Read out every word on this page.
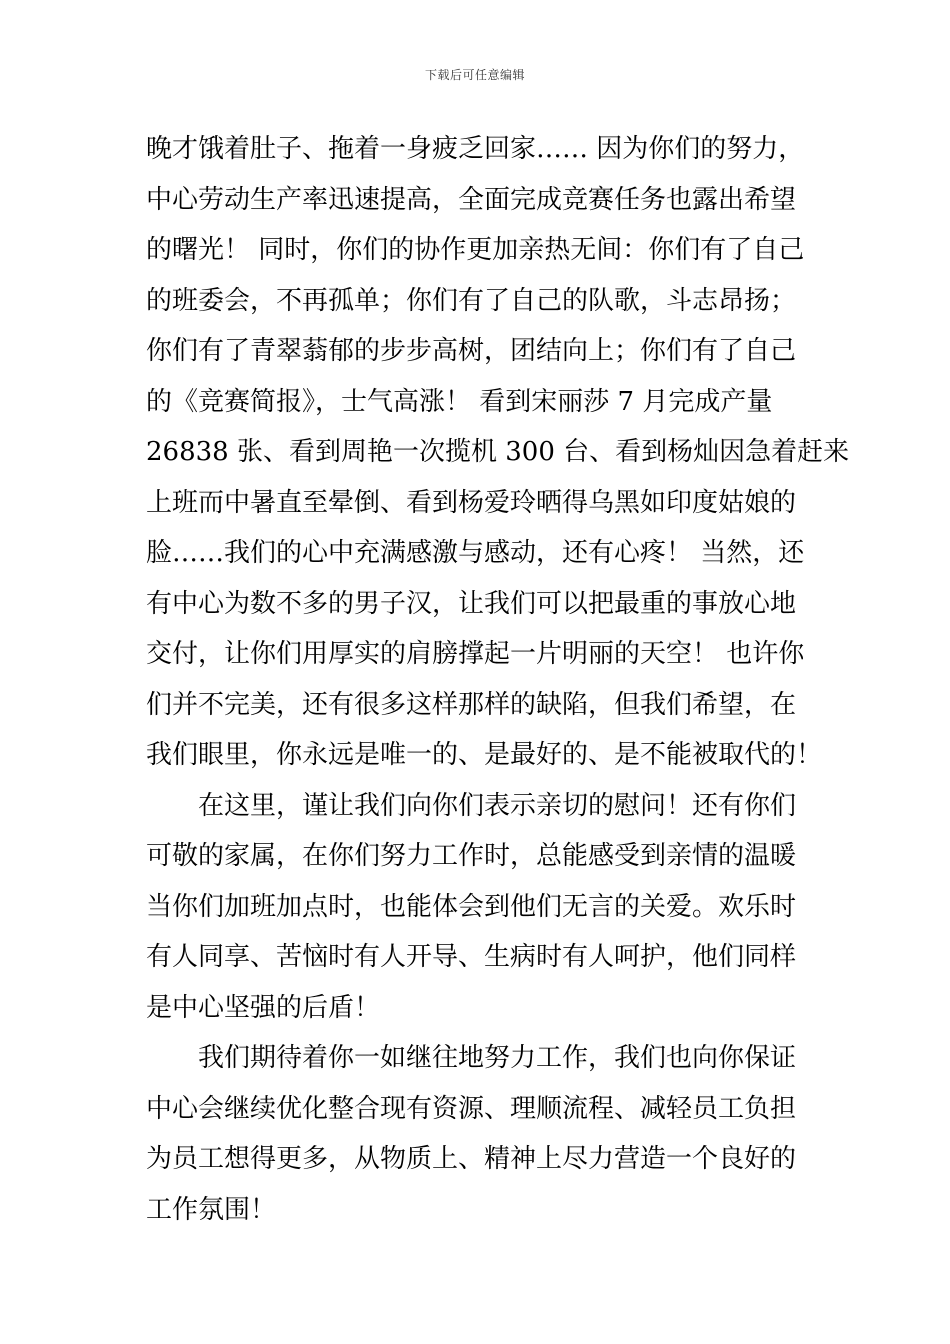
下载后可任意编辑
晚才饿着肚子、拖着一身疲乏回家…… 因为你们的努力，
中心劳动生产率迅速提高，全面完成竞赛任务也露出希望
的曙光！ 同时，你们的协作更加亲热无间：你们有了自己
的班委会，不再孤单；你们有了自己的队歌，斗志昂扬；
你们有了青翠蓊郁的步步高树，团结向上；你们有了自己
的《竞赛简报》，士气高涨！ 看到宋丽莎 7 月完成产量
26838 张、看到周艳一次揽机 300 台、看到杨灿因急着赶来
上班而中暑直至晕倒、看到杨爱玲晒得乌黑如印度姑娘的
脸……我们的心中充满感激与感动，还有心疼！ 当然，还
有中心为数不多的男子汉，让我们可以把最重的事放心地
交付，让你们用厚实的肩膀撑起一片明丽的天空！ 也许你
们并不完美，还有很多这样那样的缺陷，但我们希望，在
我们眼里，你永远是唯一的、是最好的、是不能被取代的！
　　在这里，谨让我们向你们表示亲切的慰问！还有你们
可敬的家属，在你们努力工作时，总能感受到亲情的温暖
当你们加班加点时，也能体会到他们无言的关爱。欢乐时
有人同享、苦恼时有人开导、生病时有人呵护，他们同样
是中心坚强的后盾！
　　我们期待着你一如继往地努力工作，我们也向你保证
中心会继续优化整合现有资源、理顺流程、减轻员工负担
为员工想得更多，从物质上、精神上尽力营造一个良好的
工作氛围！
